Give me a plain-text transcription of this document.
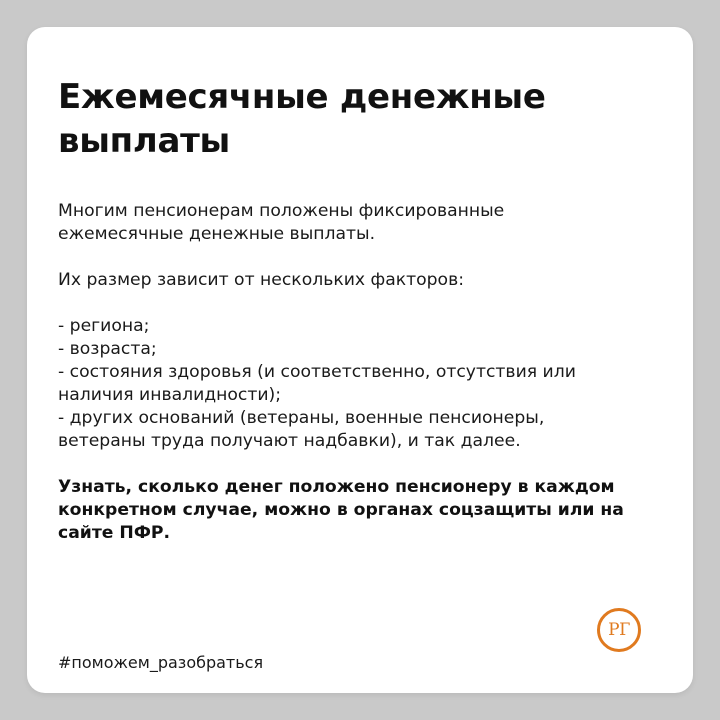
Ежемесячные денежные
выплаты

Многим пенсионерам положены фиксированные
ежемесячные денежные выплаты.

Их размер зависит от нескольких факторов:

- региона;
- возраста;
- состояния здоровья (и соответственно, отсутствия или
наличия инвалидности);
- других оснований (ветераны, военные пенсионеры,
ветераны труда получают надбавки), и так далее.

Узнать, сколько денег положено пенсионеру в каждом
конкретном случае, можно в органах соцзащиты или на
сайте ПФР.

#поможем_разобраться
РГ
